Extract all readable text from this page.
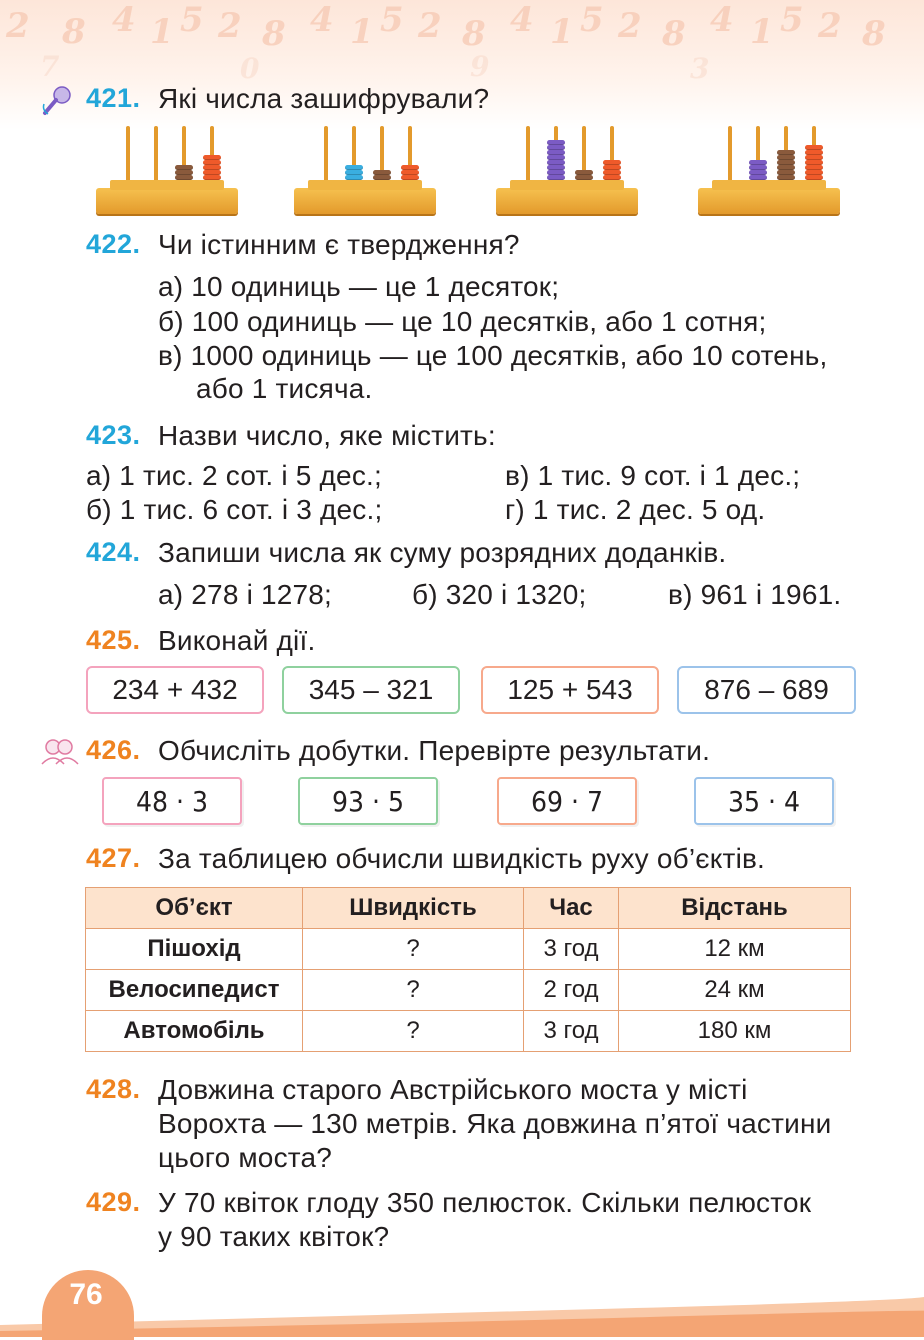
2 8 4 1 5 2 8 4 1 5 2 8 4 1 5 2 8 4 1 5 2 8
7	0	9	3
421. Які числа зашифрували?
422. Чи істинним є твердження?
а) 10 одиниць — це 1 десяток;
б) 100 одиниць — це 10 десятків, або 1 сотня;
в) 1000 одиниць — це 100 десятків, або 10 сотень,
або 1 тисяча.
423. Назви число, яке містить:
а) 1 тис. 2 сот. і 5 дес.;	в) 1 тис. 9 сот. і 1 дес.;
б) 1 тис. 6 сот. і 3 дес.;	г) 1 тис. 2 дес. 5 од.
424. Запиши числа як суму розрядних доданків.
а) 278 і 1278;	б) 320 і 1320;	в) 961 і 1961.
425. Виконай дії.
234 + 432	345 – 321	125 + 543	876 – 689
426. Обчисліть добутки. Перевірте результати.
48 · 3	93 · 5	69 · 7	35 · 4
427. За таблицею обчисли швидкість руху об’єктів.
Об’єкт	Швидкість	Час	Відстань
Пішохід	?	3 год	12 км
Велосипедист	?	2 год	24 км
Автомобіль	?	3 год	180 км
428. Довжина старого Австрійського моста у місті
Ворохта — 130 метрів. Яка довжина п’ятої частини
цього моста?
429. У 70 квіток глоду 350 пелюсток. Скільки пелюсток
у 90 таких квіток?
76
